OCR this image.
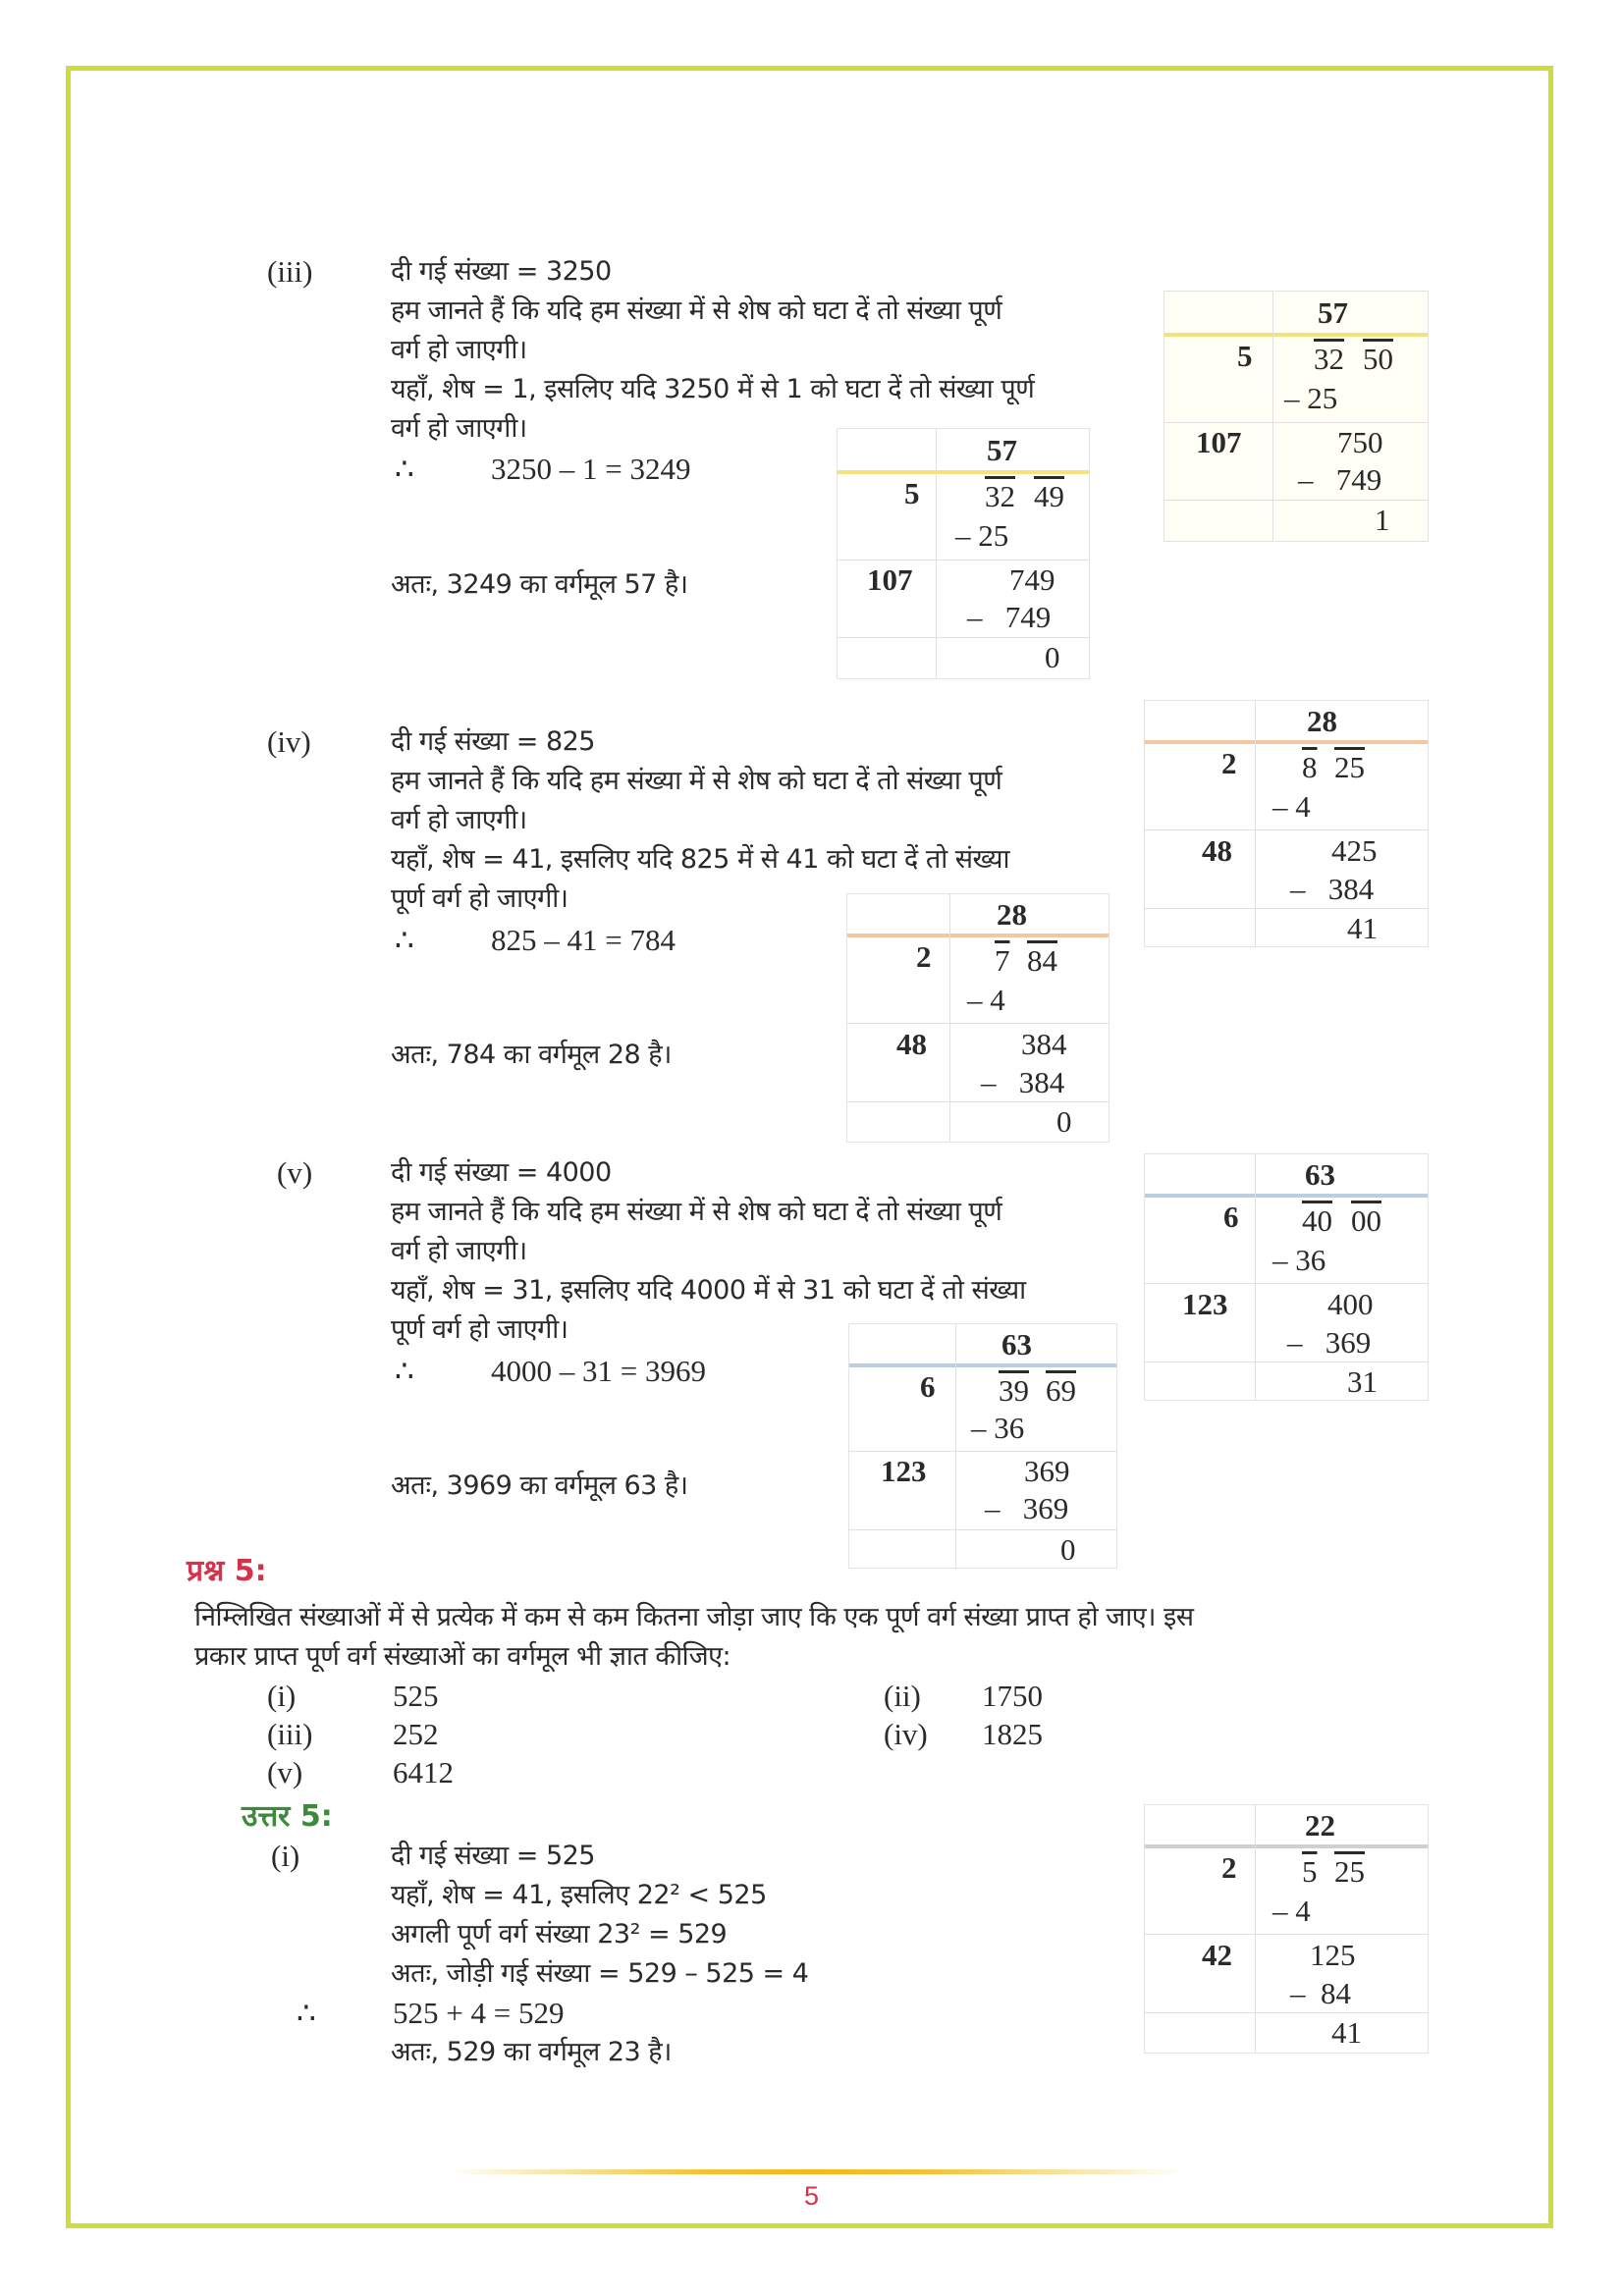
(iii)	दी गई संख्या = 3250
हम जानते हैं कि यदि हम संख्या में से शेष को घटा दें तो संख्या पूर्ण
वर्ग हो जाएगी।
यहाँ, शेष = 1, इसलिए यदि 3250 में से 1 को घटा दें तो संख्या पूर्ण
वर्ग हो जाएगी।
∴	3250 – 1 = 3249
अतः, 3249 का वर्गमूल 57 है।
57
5 32 49
– 25
107	749
–   749
0
57
5 32 50
– 25
107	750
–   749
1
(iv)	दी गई संख्या = 825
हम जानते हैं कि यदि हम संख्या में से शेष को घटा दें तो संख्या पूर्ण
वर्ग हो जाएगी।
यहाँ, शेष = 41, इसलिए यदि 825 में से 41 को घटा दें तो संख्या
पूर्ण वर्ग हो जाएगी।
∴	825 – 41 = 784
अतः, 784 का वर्गमूल 28 है।
28
2 7 84
– 4
48	384
–   384
0
28
2 8 25
– 4
48	425
–   384
41
(v)	दी गई संख्या = 4000
हम जानते हैं कि यदि हम संख्या में से शेष को घटा दें तो संख्या पूर्ण
वर्ग हो जाएगी।
यहाँ, शेष = 31, इसलिए यदि 4000 में से 31 को घटा दें तो संख्या
पूर्ण वर्ग हो जाएगी।
∴	4000 – 31 = 3969
अतः, 3969 का वर्गमूल 63 है।
63
6 39 69
– 36
123	369
–   369
0
63
6 40 00
– 36
123	400
–   369
31
प्रश्न 5:
निम्लिखित संख्याओं में से प्रत्येक में कम से कम कितना जोड़ा जाए कि एक पूर्ण वर्ग संख्या प्राप्त हो जाए। इस
प्रकार प्राप्त पूर्ण वर्ग संख्याओं का वर्गमूल भी ज्ञात कीजिए:
(i)	525	(ii) 1750
(iii)	252	(iv) 1825
(v)	6412
उत्तर 5:
(i)	दी गई संख्या = 525
यहाँ, शेष = 41, इसलिए 22² < 525
अगली पूर्ण वर्ग संख्या 23² = 529
अतः, जोड़ी गई संख्या = 529 – 525 = 4
∴	525 + 4 = 529
अतः, 529 का वर्गमूल 23 है।
22
2 5 25
– 4
42	125
–  84
41
5
